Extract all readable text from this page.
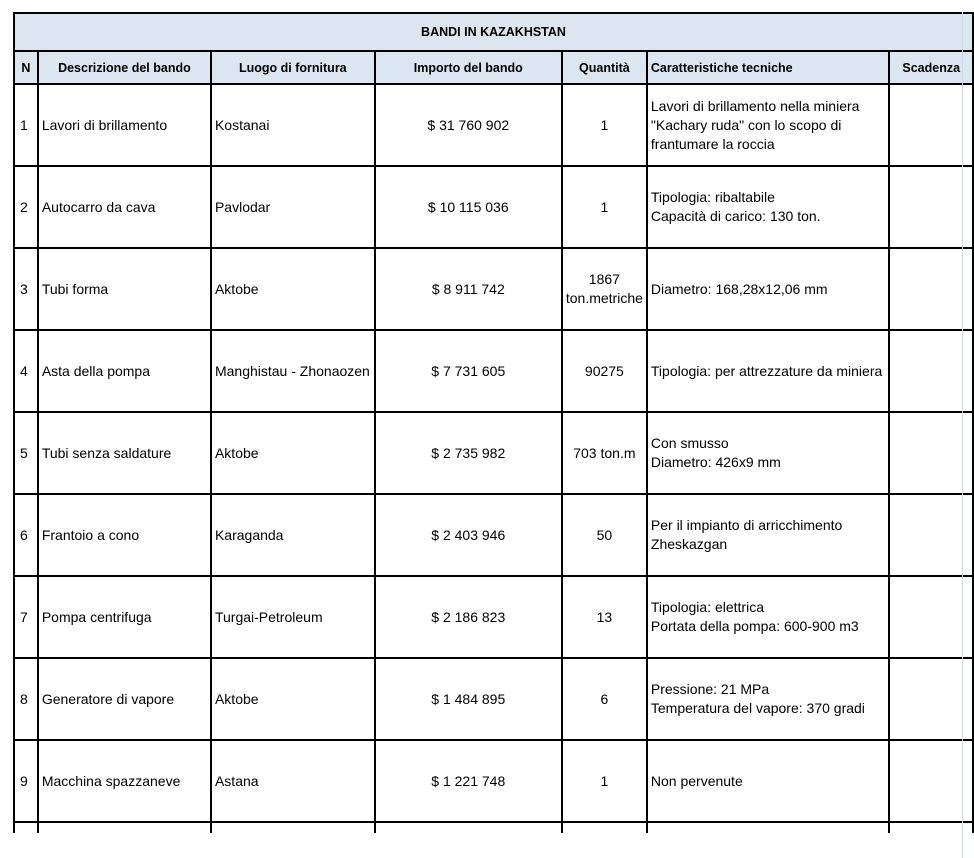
BANDI IN KAZAKHSTAN						
N	Descrizione del bando	Luogo di fornitura	Importo del bando	Quantità	Caratteristiche tecniche	Scadenza
1	Lavori di brillamento	Kostanai	$ 31 760 902	1	Lavori di brillamento nella miniera "Kachary ruda" con lo scopo di frantumare la roccia	
2	Autocarro da cava	Pavlodar	$ 10 115 036	1	Tipologia: ribaltabile
Capacità di carico: 130 ton.	
3	Tubi forma	Aktobe	$ 8 911 742	1867 ton.metriche	Diametro: 168,28x12,06 mm	
4	Asta della pompa	Manghistau - Zhonaozen	$ 7 731 605	90275	Tipologia: per attrezzature da miniera	
5	Tubi senza saldature	Aktobe	$ 2 735 982	703 ton.m	Con smusso
Diametro: 426x9 mm	
6	Frantoio a cono	Karaganda	$ 2 403 946	50	Per il impianto di arricchimento Zheskazgan	
7	Pompa centrifuga	Turgai-Petroleum	$ 2 186 823	13	Tipologia: elettrica
Portata della pompa: 600-900 m3	
8	Generatore di vapore	Aktobe	$ 1 484 895	6	Pressione: 21 MPa
Temperatura del vapore: 370 gradi	
9	Macchina spazzaneve	Astana	$ 1 221 748	1	Non pervenute	
